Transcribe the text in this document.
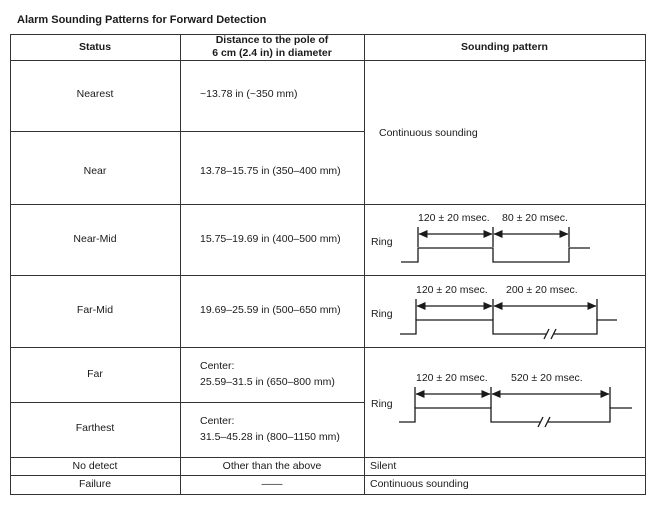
Alarm Sounding Patterns for Forward Detection
Status
Distance to the pole of
6 cm (2.4 in) in diameter	Sounding pattern
Nearest
Near
Near-Mid
Far-Mid
Far
Farthest
No detect
Failure
~13.78 in (~350 mm)
13.78–15.75 in (350–400 mm)
15.75–19.69 in (400–500 mm)
19.69–25.59 in (500–650 mm)
Center:
25.59–31.5 in (650–800 mm)
Center:
31.5–45.28 in (800–1150 mm)
Other than the above
——
Continuous sounding
Silent
Continuous sounding
120 ± 20 msec. 80 ± 20 msec.
Ring
120 ± 20 msec. 200 ± 20 msec.
Ring
120 ± 20 msec. 520 ± 20 msec.
Ring
